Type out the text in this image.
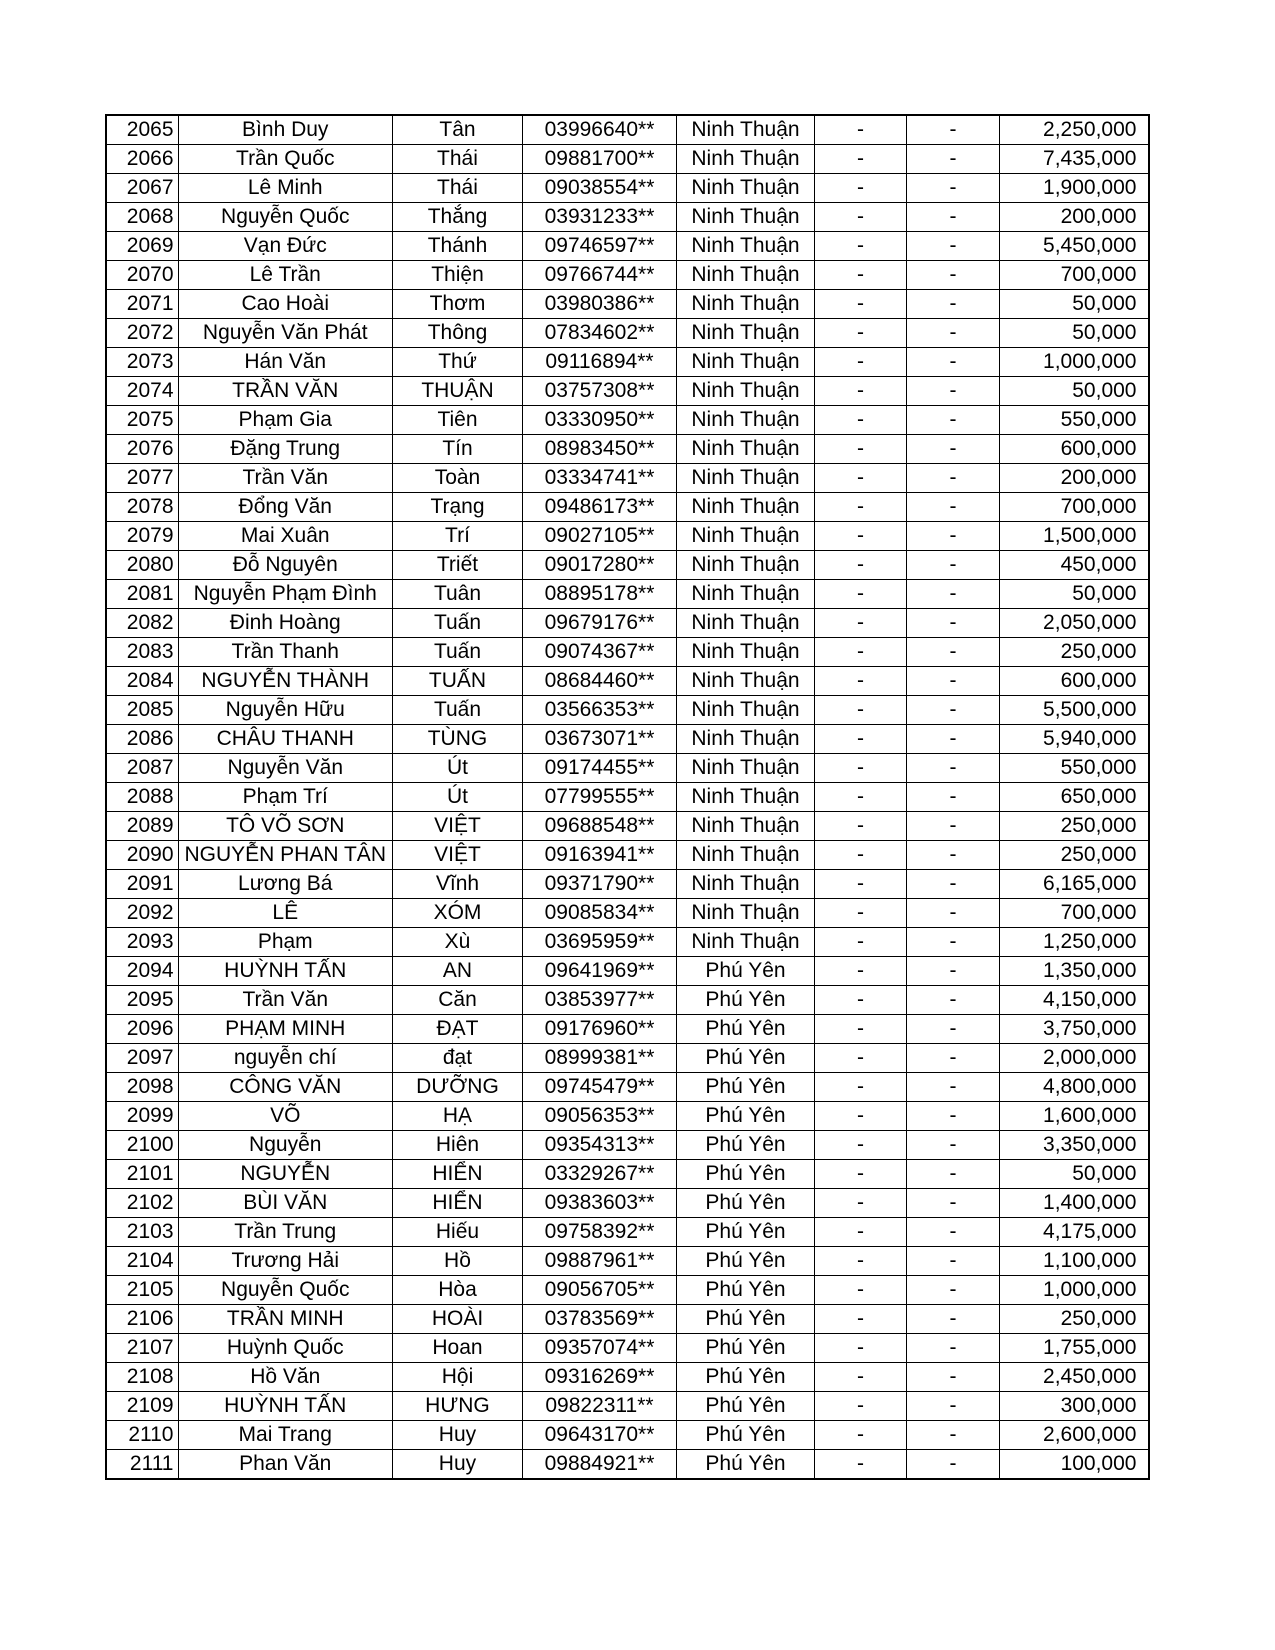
2065	Bình Duy	Tân	03996640**	Ninh Thuận	-	-	2,250,000
2066	Trần Quốc	Thái	09881700**	Ninh Thuận	-	-	7,435,000
2067	Lê Minh	Thái	09038554**	Ninh Thuận	-	-	1,900,000
2068	Nguyễn Quốc	Thắng	03931233**	Ninh Thuận	-	-	200,000
2069	Vạn Đức	Thánh	09746597**	Ninh Thuận	-	-	5,450,000
2070	Lê Trần	Thiện	09766744**	Ninh Thuận	-	-	700,000
2071	Cao Hoài	Thơm	03980386**	Ninh Thuận	-	-	50,000
2072	Nguyễn Văn Phát	Thông	07834602**	Ninh Thuận	-	-	50,000
2073	Hán Văn	Thứ	09116894**	Ninh Thuận	-	-	1,000,000
2074	TRẦN VĂN	THUẬN	03757308**	Ninh Thuận	-	-	50,000
2075	Phạm Gia	Tiên	03330950**	Ninh Thuận	-	-	550,000
2076	Đặng Trung	Tín	08983450**	Ninh Thuận	-	-	600,000
2077	Trần Văn	Toàn	03334741**	Ninh Thuận	-	-	200,000
2078	Đổng Văn	Trạng	09486173**	Ninh Thuận	-	-	700,000
2079	Mai Xuân	Trí	09027105**	Ninh Thuận	-	-	1,500,000
2080	Đỗ Nguyên	Triết	09017280**	Ninh Thuận	-	-	450,000
2081	Nguyễn Phạm Đình	Tuân	08895178**	Ninh Thuận	-	-	50,000
2082	Đinh Hoàng	Tuấn	09679176**	Ninh Thuận	-	-	2,050,000
2083	Trần Thanh	Tuấn	09074367**	Ninh Thuận	-	-	250,000
2084	NGUYỄN THÀNH	TUẤN	08684460**	Ninh Thuận	-	-	600,000
2085	Nguyễn Hữu	Tuấn	03566353**	Ninh Thuận	-	-	5,500,000
2086	CHÂU THANH	TÙNG	03673071**	Ninh Thuận	-	-	5,940,000
2087	Nguyễn Văn	Út	09174455**	Ninh Thuận	-	-	550,000
2088	Phạm Trí	Út	07799555**	Ninh Thuận	-	-	650,000
2089	TÔ VÕ SƠN	VIỆT	09688548**	Ninh Thuận	-	-	250,000
2090	NGUYỄN PHAN TÂN	VIỆT	09163941**	Ninh Thuận	-	-	250,000
2091	Lương Bá	Vĩnh	09371790**	Ninh Thuận	-	-	6,165,000
2092	LÊ	XÓM	09085834**	Ninh Thuận	-	-	700,000
2093	Phạm	Xù	03695959**	Ninh Thuận	-	-	1,250,000
2094	HUỲNH TẤN	AN	09641969**	Phú Yên	-	-	1,350,000
2095	Trần Văn	Căn	03853977**	Phú Yên	-	-	4,150,000
2096	PHẠM MINH	ĐẠT	09176960**	Phú Yên	-	-	3,750,000
2097	nguyễn chí	đạt	08999381**	Phú Yên	-	-	2,000,000
2098	CÔNG VĂN	DƯỠNG	09745479**	Phú Yên	-	-	4,800,000
2099	VÕ	HẠ	09056353**	Phú Yên	-	-	1,600,000
2100	Nguyễn	Hiên	09354313**	Phú Yên	-	-	3,350,000
2101	NGUYỄN	HIỂN	03329267**	Phú Yên	-	-	50,000
2102	BÙI VĂN	HIỂN	09383603**	Phú Yên	-	-	1,400,000
2103	Trần Trung	Hiếu	09758392**	Phú Yên	-	-	4,175,000
2104	Trương Hải	Hồ	09887961**	Phú Yên	-	-	1,100,000
2105	Nguyễn Quốc	Hòa	09056705**	Phú Yên	-	-	1,000,000
2106	TRẦN MINH	HOÀI	03783569**	Phú Yên	-	-	250,000
2107	Huỳnh Quốc	Hoan	09357074**	Phú Yên	-	-	1,755,000
2108	Hồ Văn	Hội	09316269**	Phú Yên	-	-	2,450,000
2109	HUỲNH TẤN	HƯNG	09822311**	Phú Yên	-	-	300,000
2110	Mai Trang	Huy	09643170**	Phú Yên	-	-	2,600,000
2111	Phan Văn	Huy	09884921**	Phú Yên	-	-	100,000
